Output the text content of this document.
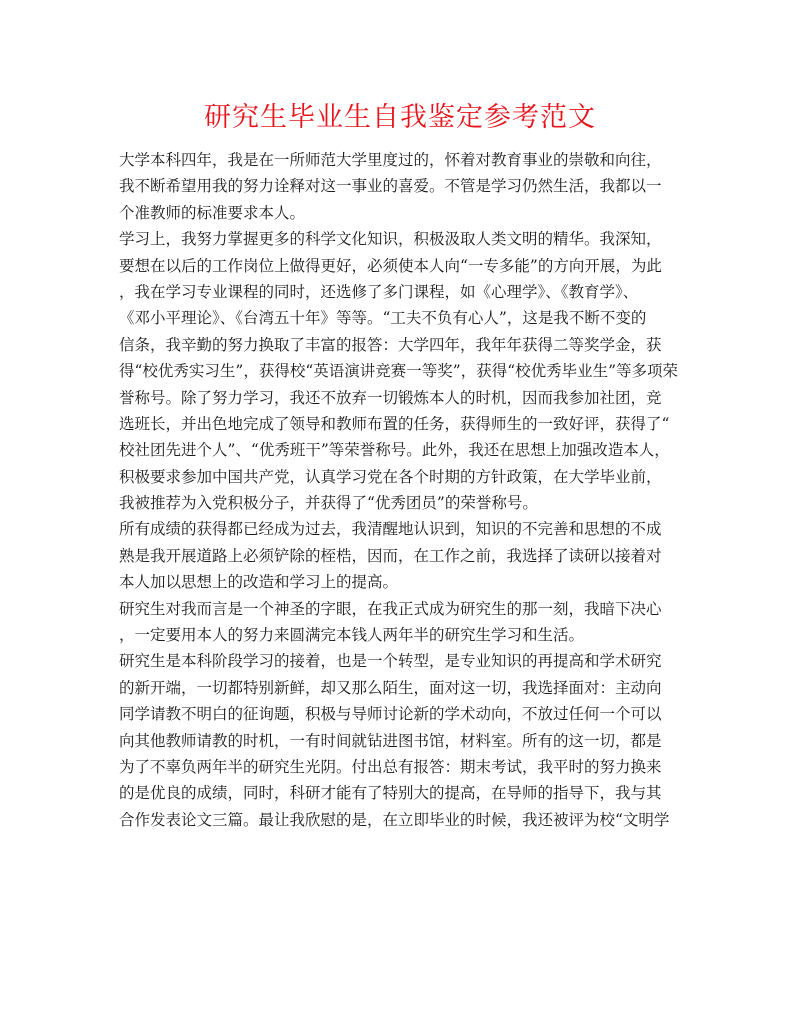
研究生毕业生自我鉴定参考范文
大学本科四年，我是在一所师范大学里度过的，怀着对教育事业的崇敬和向往，
我不断希望用我的努力诠释对这一事业的喜爱。不管是学习仍然生活，我都以一
个准教师的标准要求本人。
学习上，我努力掌握更多的科学文化知识，积极汲取人类文明的精华。我深知，
要想在以后的工作岗位上做得更好，必须使本人向“一专多能”的方向开展，为此
，我在学习专业课程的同时，还选修了多门课程，如《心理学》、《教育学》、
《邓小平理论》、《台湾五十年》等等。“工夫不负有心人”，这是我不断不变的
信条，我辛勤的努力换取了丰富的报答：大学四年，我年年获得二等奖学金，获
得“校优秀实习生”，获得校“英语演讲竞赛一等奖”，获得“校优秀毕业生”等多项荣
誉称号。除了努力学习，我还不放弃一切锻炼本人的时机，因而我参加社团，竞
选班长，并出色地完成了领导和教师布置的任务，获得师生的一致好评，获得了“
校社团先进个人”、“优秀班干”等荣誉称号。此外，我还在思想上加强改造本人，
积极要求参加中国共产党，认真学习党在各个时期的方针政策，在大学毕业前，
我被推荐为入党积极分子，并获得了“优秀团员”的荣誉称号。
所有成绩的获得都已经成为过去，我清醒地认识到，知识的不完善和思想的不成
熟是我开展道路上必须铲除的桎梏，因而，在工作之前，我选择了读研以接着对
本人加以思想上的改造和学习上的提高。
研究生对我而言是一个神圣的字眼，在我正式成为研究生的那一刻，我暗下决心
，一定要用本人的努力来圆满完本钱人两年半的研究生学习和生活。
研究生是本科阶段学习的接着，也是一个转型，是专业知识的再提高和学术研究
的新开端，一切都特别新鲜，却又那么陌生，面对这一切，我选择面对：主动向
同学请教不明白的征询题，积极与导师讨论新的学术动向，不放过任何一个可以
向其他教师请教的时机，一有时间就钻进图书馆，材料室。所有的这一切，都是
为了不辜负两年半的研究生光阴。付出总有报答：期末考试，我平时的努力换来
的是优良的成绩，同时，科研才能有了特别大的提高，在导师的指导下，我与其
合作发表论文三篇。最让我欣慰的是，在立即毕业的时候，我还被评为校“文明学
